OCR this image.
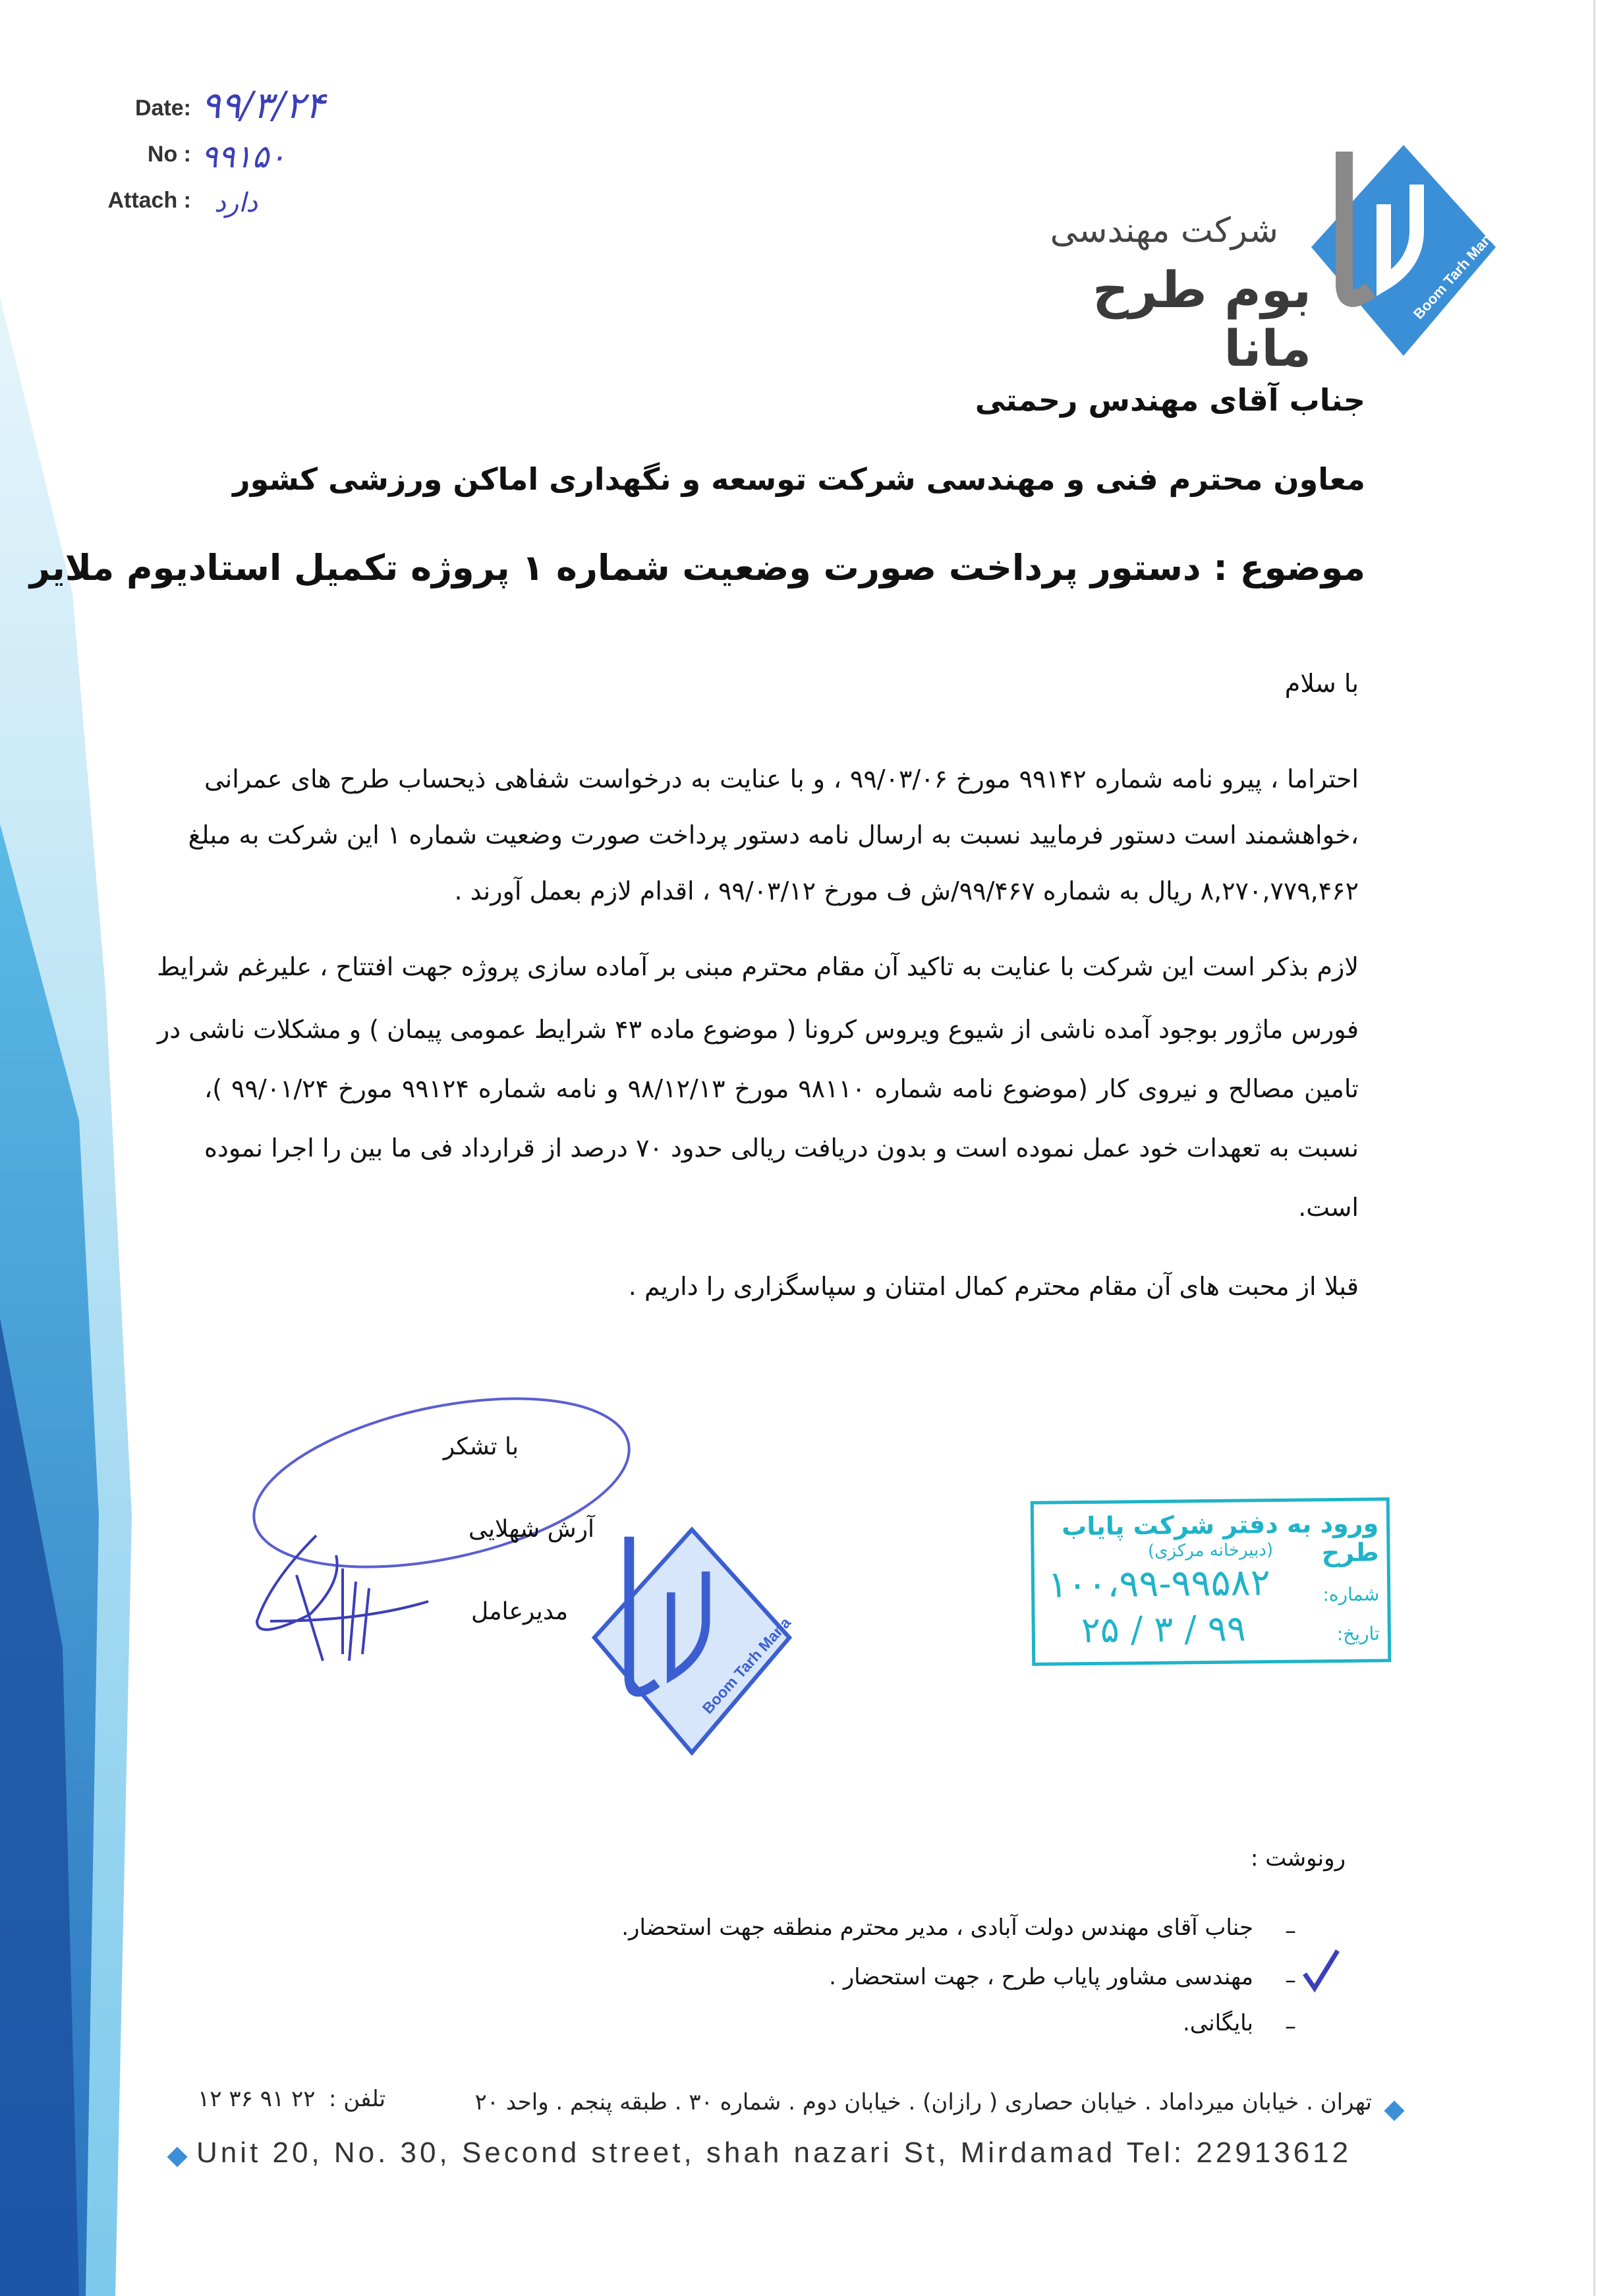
Date: ۹۹/۳/۲۴
No : ۹۹۱۵۰
Attach : دارد
شرکت مهندسی
بوم طرح مانا
Boom Tarh Mana
جناب آقای مهندس رحمتی
معاون محترم فنی و مهندسی شرکت توسعه و نگهداری اماکن ورزشی کشور
موضوع : دستور پرداخت صورت وضعیت شماره ۱ پروژه تکمیل استادیوم ملایر
با سلام
احتراما ، پیرو نامه شماره ۹۹۱۴۲ مورخ ۹۹/۰۳/۰۶ ، و با عنایت به درخواست شفاهی ذیحساب طرح های عمرانی
،خواهشمند است دستور فرمایید نسبت به ارسال نامه دستور پرداخت صورت وضعیت شماره ۱ این شرکت به مبلغ
۸,۲۷۰,۷۷۹,۴۶۲ ریال به شماره ۹۹/۴۶۷/ش ف مورخ ۹۹/۰۳/۱۲ ، اقدام لازم بعمل آورند .
لازم بذکر است این شرکت با عنایت به تاکید آن مقام محترم مبنی بر آماده سازی پروژه جهت افتتاح ، علیرغم شرایط
فورس ماژور بوجود آمده ناشی از شیوع ویروس کرونا ( موضوع ماده ۴۳ شرایط عمومی پیمان ) و مشکلات ناشی در
تامین مصالح و نیروی کار (موضوع نامه شماره ۹۸۱۱۰ مورخ ۹۸/۱۲/۱۳ و نامه شماره ۹۹۱۲۴ مورخ ۹۹/۰۱/۲۴ )،
نسبت به تعهدات خود عمل نموده است و بدون دریافت ریالی حدود ۷۰ درصد از قرارداد فی ما بین را اجرا نموده
است.
قبلا از محبت های آن مقام محترم کمال امتنان و سپاسگزاری را داریم .
با تشکر
آرش شهلایی
مدیرعامل
Boom Tarh Mana
ورود به دفتر شرکت پایاب طرح
(دبیرخانه مرکزی)
شماره:
۱۰۰،۹۹-۹۹۵۸۲
تاریخ:
۹۹ / ۳ / ۲۵
رونوشت :
–
جناب آقای مهندس دولت آبادی ، مدیر محترم منطقه جهت استحضار.
–
مهندسی مشاور پایاب طرح ، جهت استحضار .
–
بایگانی.
تهران . خیابان میرداماد . خیابان حصاری ( رازان) . خیابان دوم . شماره ۳۰ . طبقه پنجم . واحد ۲۰
تلفن :
۲۲ ۹۱ ۳۶ ۱۲
Unit 20, No. 30, Second street, shah nazari St, Mirdamad Tel: 22913612
